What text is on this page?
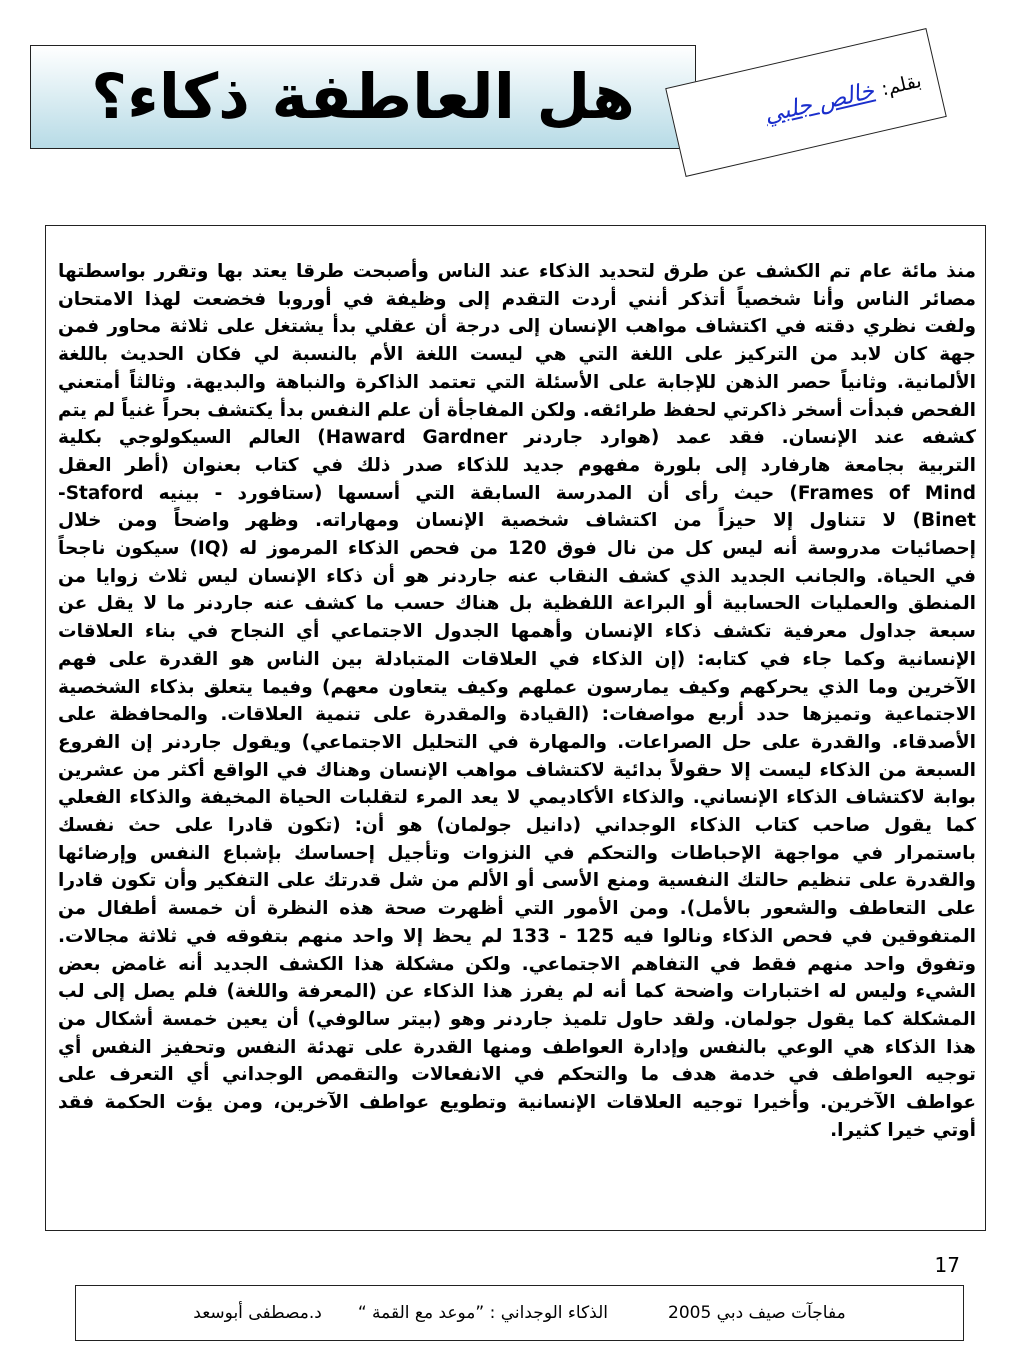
هل العاطفة ذكاء؟	بقلم:خالص جلبي
منذ مائة عام تم الكشف عن طرق لتحديد الذكاء عند الناس وأصبحت طرقا يعتد بها وتقرر بواسطتها
مصائر الناس وأنا شخصياً أتذكر أنني أردت التقدم إلى وظيفة في أوروبا فخضعت لهذا الامتحان
ولفت نظري دقته في اكتشاف مواهب الإنسان إلى درجة أن عقلي بدأ يشتغل على ثلاثة محاور فمن
جهة كان لابد من التركيز على اللغة التي هي ليست اللغة الأم بالنسبة لي فكان الحديث باللغة
الألمانية. وثانياً حصر الذهن للإجابة على الأسئلة التي تعتمد الذاكرة والنباهة والبديهة. وثالثاً أمتعني
الفحص فبدأت أسخر ذاكرتي لحفظ طرائقه. ولكن المفاجأة أن علم النفس بدأ يكتشف بحراً غنياً لم يتم
كشفه عند الإنسان. فقد عمد (هوارد جاردنر Haward Gardner) العالم السيكولوجي بكلية
التربية بجامعة هارفارد إلى بلورة مفهوم جديد للذكاء صدر ذلك في كتاب بعنوان (أطر العقل
Frames of Mind) حيث رأى أن المدرسة السابقة التي أسسها (ستافورد - بينيه Staford-
Binet) لا تتناول إلا حيزاً من اكتشاف شخصية الإنسان ومهاراته. وظهر واضحاً ومن خلال
إحصائيات مدروسة أنه ليس كل من نال فوق 120 من فحص الذكاء المرموز له (IQ) سيكون ناجحاً
في الحياة. والجانب الجديد الذي كشف النقاب عنه جاردنر هو أن ذكاء الإنسان ليس ثلاث زوايا من
المنطق والعمليات الحسابية أو البراعة اللفظية بل هناك حسب ما كشف عنه جاردنر ما لا يقل عن
سبعة جداول معرفية تكشف ذكاء الإنسان وأهمها الجدول الاجتماعي أي النجاح في بناء العلاقات
الإنسانية وكما جاء في كتابه: (إن الذكاء في العلاقات المتبادلة بين الناس هو القدرة على فهم
الآخرين وما الذي يحركهم وكيف يمارسون عملهم وكيف يتعاون معهم) وفيما يتعلق بذكاء الشخصية
الاجتماعية وتميزها حدد أربع مواصفات: (القيادة والمقدرة على تنمية العلاقات. والمحافظة على
الأصدقاء. والقدرة على حل الصراعات. والمهارة في التحليل الاجتماعي) ويقول جاردنر إن الفروع
السبعة من الذكاء ليست إلا حقولاً بدائية لاكتشاف مواهب الإنسان وهناك في الواقع أكثر من عشرين
بوابة لاكتشاف الذكاء الإنساني. والذكاء الأكاديمي لا يعد المرء لتقلبات الحياة المخيفة والذكاء الفعلي
كما يقول صاحب كتاب الذكاء الوجداني (دانيل جولمان) هو أن: (تكون قادرا على حث نفسك
باستمرار في مواجهة الإحباطات والتحكم في النزوات وتأجيل إحساسك بإشباع النفس وإرضائها
والقدرة على تنظيم حالتك النفسية ومنع الأسى أو الألم من شل قدرتك على التفكير وأن تكون قادرا
على التعاطف والشعور بالأمل). ومن الأمور التي أظهرت صحة هذه النظرة أن خمسة أطفال من
المتفوقين في فحص الذكاء ونالوا فيه 125 - 133 لم يحظ إلا واحد منهم بتفوقه في ثلاثة مجالات.
وتفوق واحد منهم فقط في التفاهم الاجتماعي. ولكن مشكلة هذا الكشف الجديد أنه غامض بعض
الشيء وليس له اختبارات واضحة كما أنه لم يفرز هذا الذكاء عن (المعرفة واللغة) فلم يصل إلى لب
المشكلة كما يقول جولمان. ولقد حاول تلميذ جاردنر وهو (بيتر سالوفي) أن يعين خمسة أشكال من
هذا الذكاء هي الوعي بالنفس وإدارة العواطف ومنها القدرة على تهدئة النفس وتحفيز النفس أي
توجيه العواطف في خدمة هدف ما والتحكم في الانفعالات والتقمص الوجداني أي التعرف على
عواطف الآخرين. وأخيرا توجيه العلاقات الإنسانية وتطويع عواطف الآخرين، ومن يؤت الحكمة فقد
أوتي خيرا كثيرا.
17
مفاجآت صيف دبي 2005
الذكاء الوجداني : ”موعد مع القمة “
د.مصطفى أبوسعد
